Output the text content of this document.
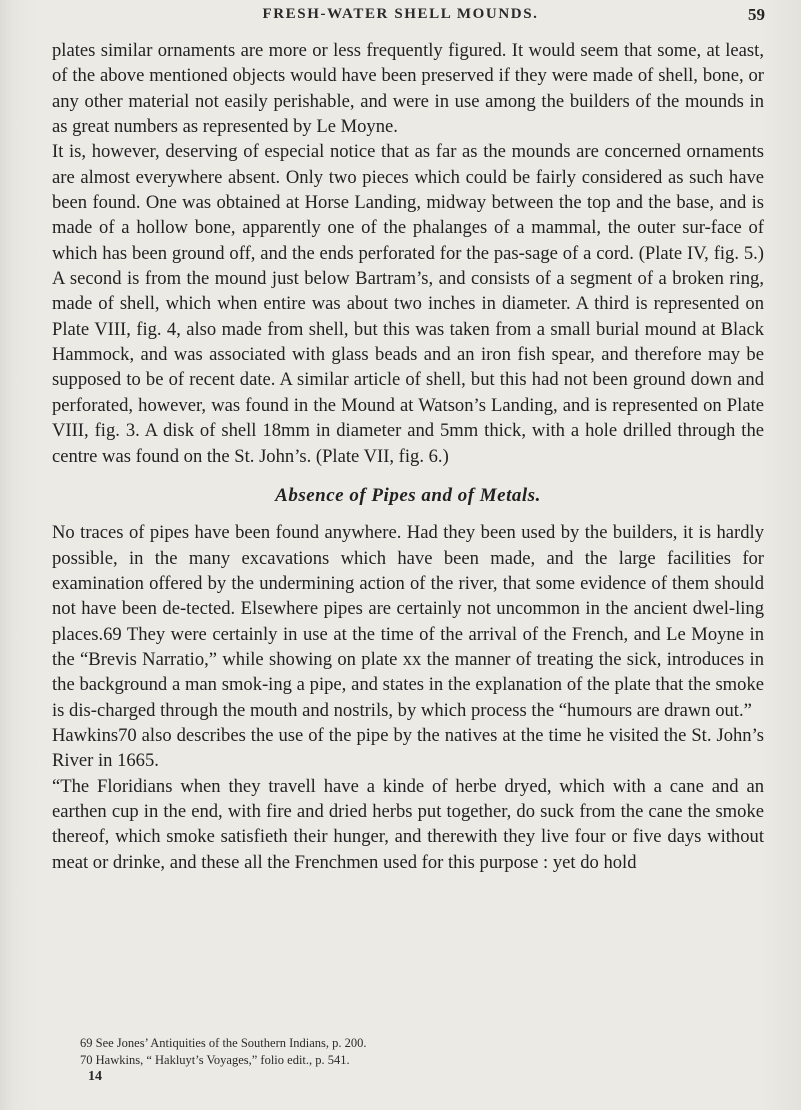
FRESH-WATER SHELL MOUNDS.	59

plates similar ornaments are more or less frequently figured. It would seem that some, at least, of the above mentioned objects would have been preserved if they were made of shell, bone, or any other material not easily perishable, and were in use among the builders of the mounds in as great numbers as represented by Le Moyne.

It is, however, deserving of especial notice that as far as the mounds are concerned ornaments are almost everywhere absent. Only two pieces which could be fairly considered as such have been found. One was obtained at Horse Landing, midway between the top and the base, and is made of a hollow bone, apparently one of the phalanges of a mammal, the outer sur-face of which has been ground off, and the ends perforated for the pas-sage of a cord. (Plate IV, fig. 5.) A second is from the mound just below Bartram’s, and consists of a segment of a broken ring, made of shell, which when entire was about two inches in diameter. A third is represented on Plate VIII, fig. 4, also made from shell, but this was taken from a small burial mound at Black Hammock, and was associated with glass beads and an iron fish spear, and therefore may be supposed to be of recent date. A similar article of shell, but this had not been ground down and perforated, however, was found in the Mound at Watson’s Landing, and is represented on Plate VIII, fig. 3. A disk of shell 18mm in diameter and 5mm thick, with a hole drilled through the centre was found on the St. John’s. (Plate VII, fig. 6.)

Absence of Pipes and of Metals.

No traces of pipes have been found anywhere. Had they been used by the builders, it is hardly possible, in the many excavations which have been made, and the large facilities for examination offered by the undermining action of the river, that some evidence of them should not have been de-tected. Elsewhere pipes are certainly not uncommon in the ancient dwel-ling places.69 They were certainly in use at the time of the arrival of the French, and Le Moyne in the “Brevis Narratio,” while showing on plate xx the manner of treating the sick, introduces in the background a man smok-ing a pipe, and states in the explanation of the plate that the smoke is dis-charged through the mouth and nostrils, by which process the “humours are drawn out.”

Hawkins70 also describes the use of the pipe by the natives at the time he visited the St. John’s River in 1665.

“The Floridians when they travell have a kinde of herbe dryed, which with a cane and an earthen cup in the end, with fire and dried herbs put together, do suck from the cane the smoke thereof, which smoke satisfieth their hunger, and therewith they live four or five days without meat or drinke, and these all the Frenchmen used for this purpose : yet do hold

69 See Jones’ Antiquities of the Southern Indians, p. 200.

70 Hawkins, “ Hakluyt’s Voyages,” folio edit., p. 541.

14
